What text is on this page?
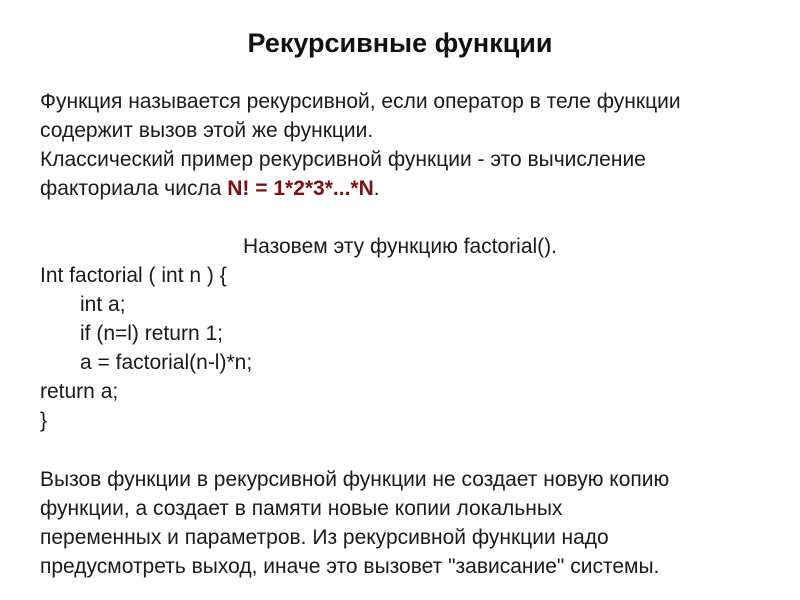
Рекурсивные функции
Функция называется рекурсивной, если оператор в теле функции
содержит вызов этой же функции.
Классический пример рекурсивной функции - это вычисление
факториала числа N! = 1*2*3*...*N.
Назовем эту функцию factorial().
Int factorial ( int n ) {
int a;
if (n=l) return 1;
a = factorial(n-l)*n;
return a;
}
Вызов функции в рекурсивной функции не создает новую копию
функции, а создает в памяти новые копии локальных
переменных и параметров. Из рекурсивной функции надо
предусмотреть выход, иначе это вызовет "зависание" системы.
